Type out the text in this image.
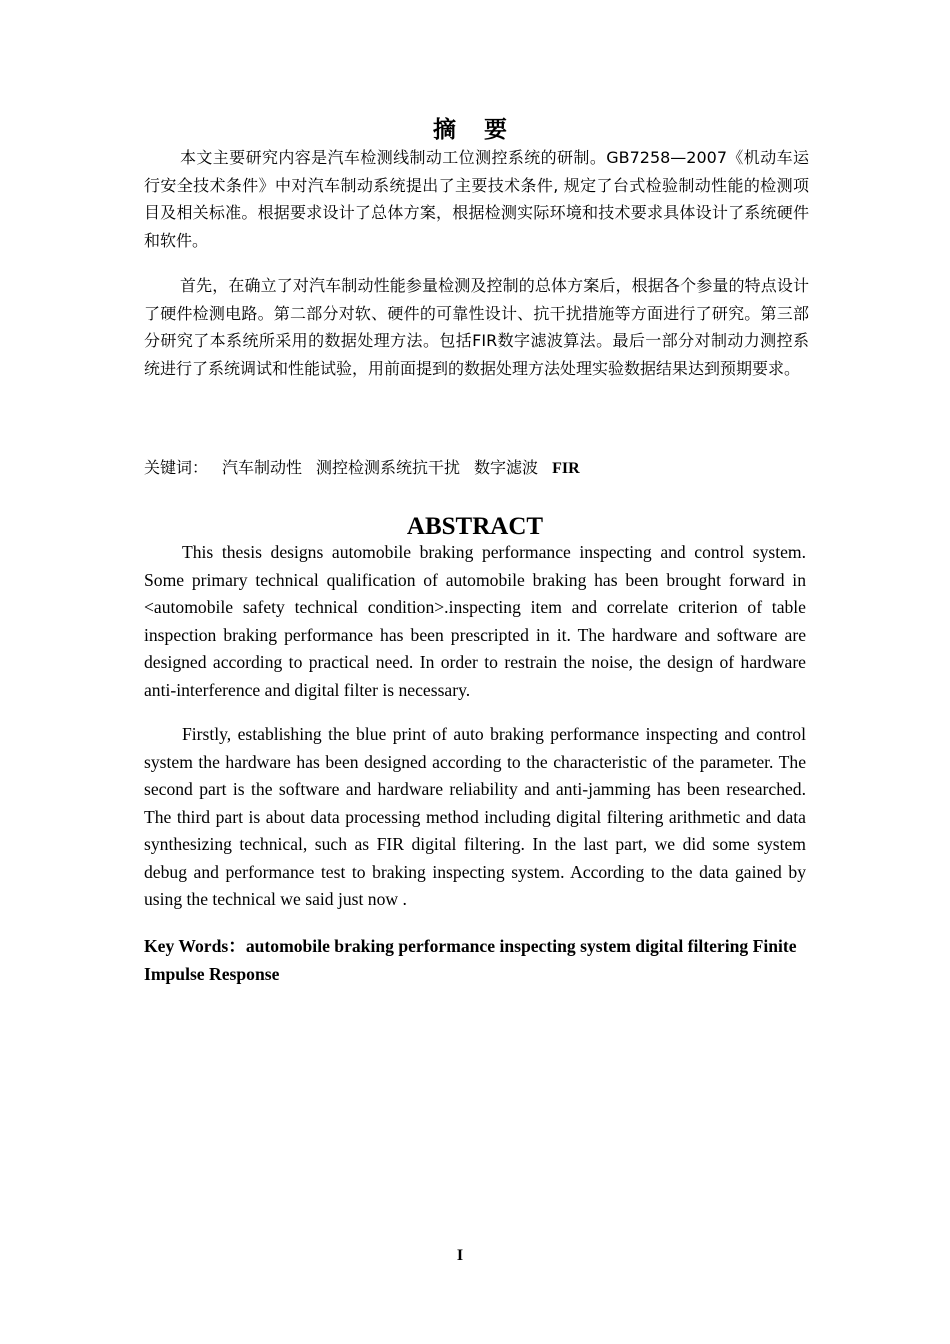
摘 要

本文主要研究内容是汽车检测线制动工位测控系统的研制。GB7258—2007《机动车运行安全技术条件》中对汽车制动系统提出了主要技术条件, 规定了台式检验制动性能的检测项目及相关标准。根据要求设计了总体方案，根据检测实际环境和技术要求具体设计了系统硬件和软件。

首先，在确立了对汽车制动性能参量检测及控制的总体方案后，根据各个参量的特点设计了硬件检测电路。第二部分对软、硬件的可靠性设计、抗干扰措施等方面进行了研究。第三部分研究了本系统所采用的数据处理方法。包括FIR数字滤波算法。最后一部分对制动力测控系统进行了系统调试和性能试验，用前面提到的数据处理方法处理实验数据结果达到预期要求。

关键词： 汽车制动性 测控检测系统抗干扰 数字滤波 FIR
ABSTRACT

This thesis designs automobile braking performance inspecting and control system. Some primary technical qualification of automobile braking has been brought forward in <automobile safety technical condition>.inspecting item and correlate criterion of table inspection braking performance has been prescripted in it. The hardware and software are designed according to practical need. In order to restrain the noise, the design of hardware anti-interference and digital filter is necessary.

Firstly, establishing the blue print of auto braking performance inspecting and control system the hardware has been designed according to the characteristic of the parameter. The second part is the software and hardware reliability and anti-jamming has been researched. The third part is about data processing method including digital filtering arithmetic and data synthesizing technical, such as FIR digital filtering. In the last part, we did some system debug and performance test to braking inspecting system. According to the data gained by using the technical we said just now .

Key Words：automobile braking performance inspecting system digital filtering Finite Impulse Response

I
